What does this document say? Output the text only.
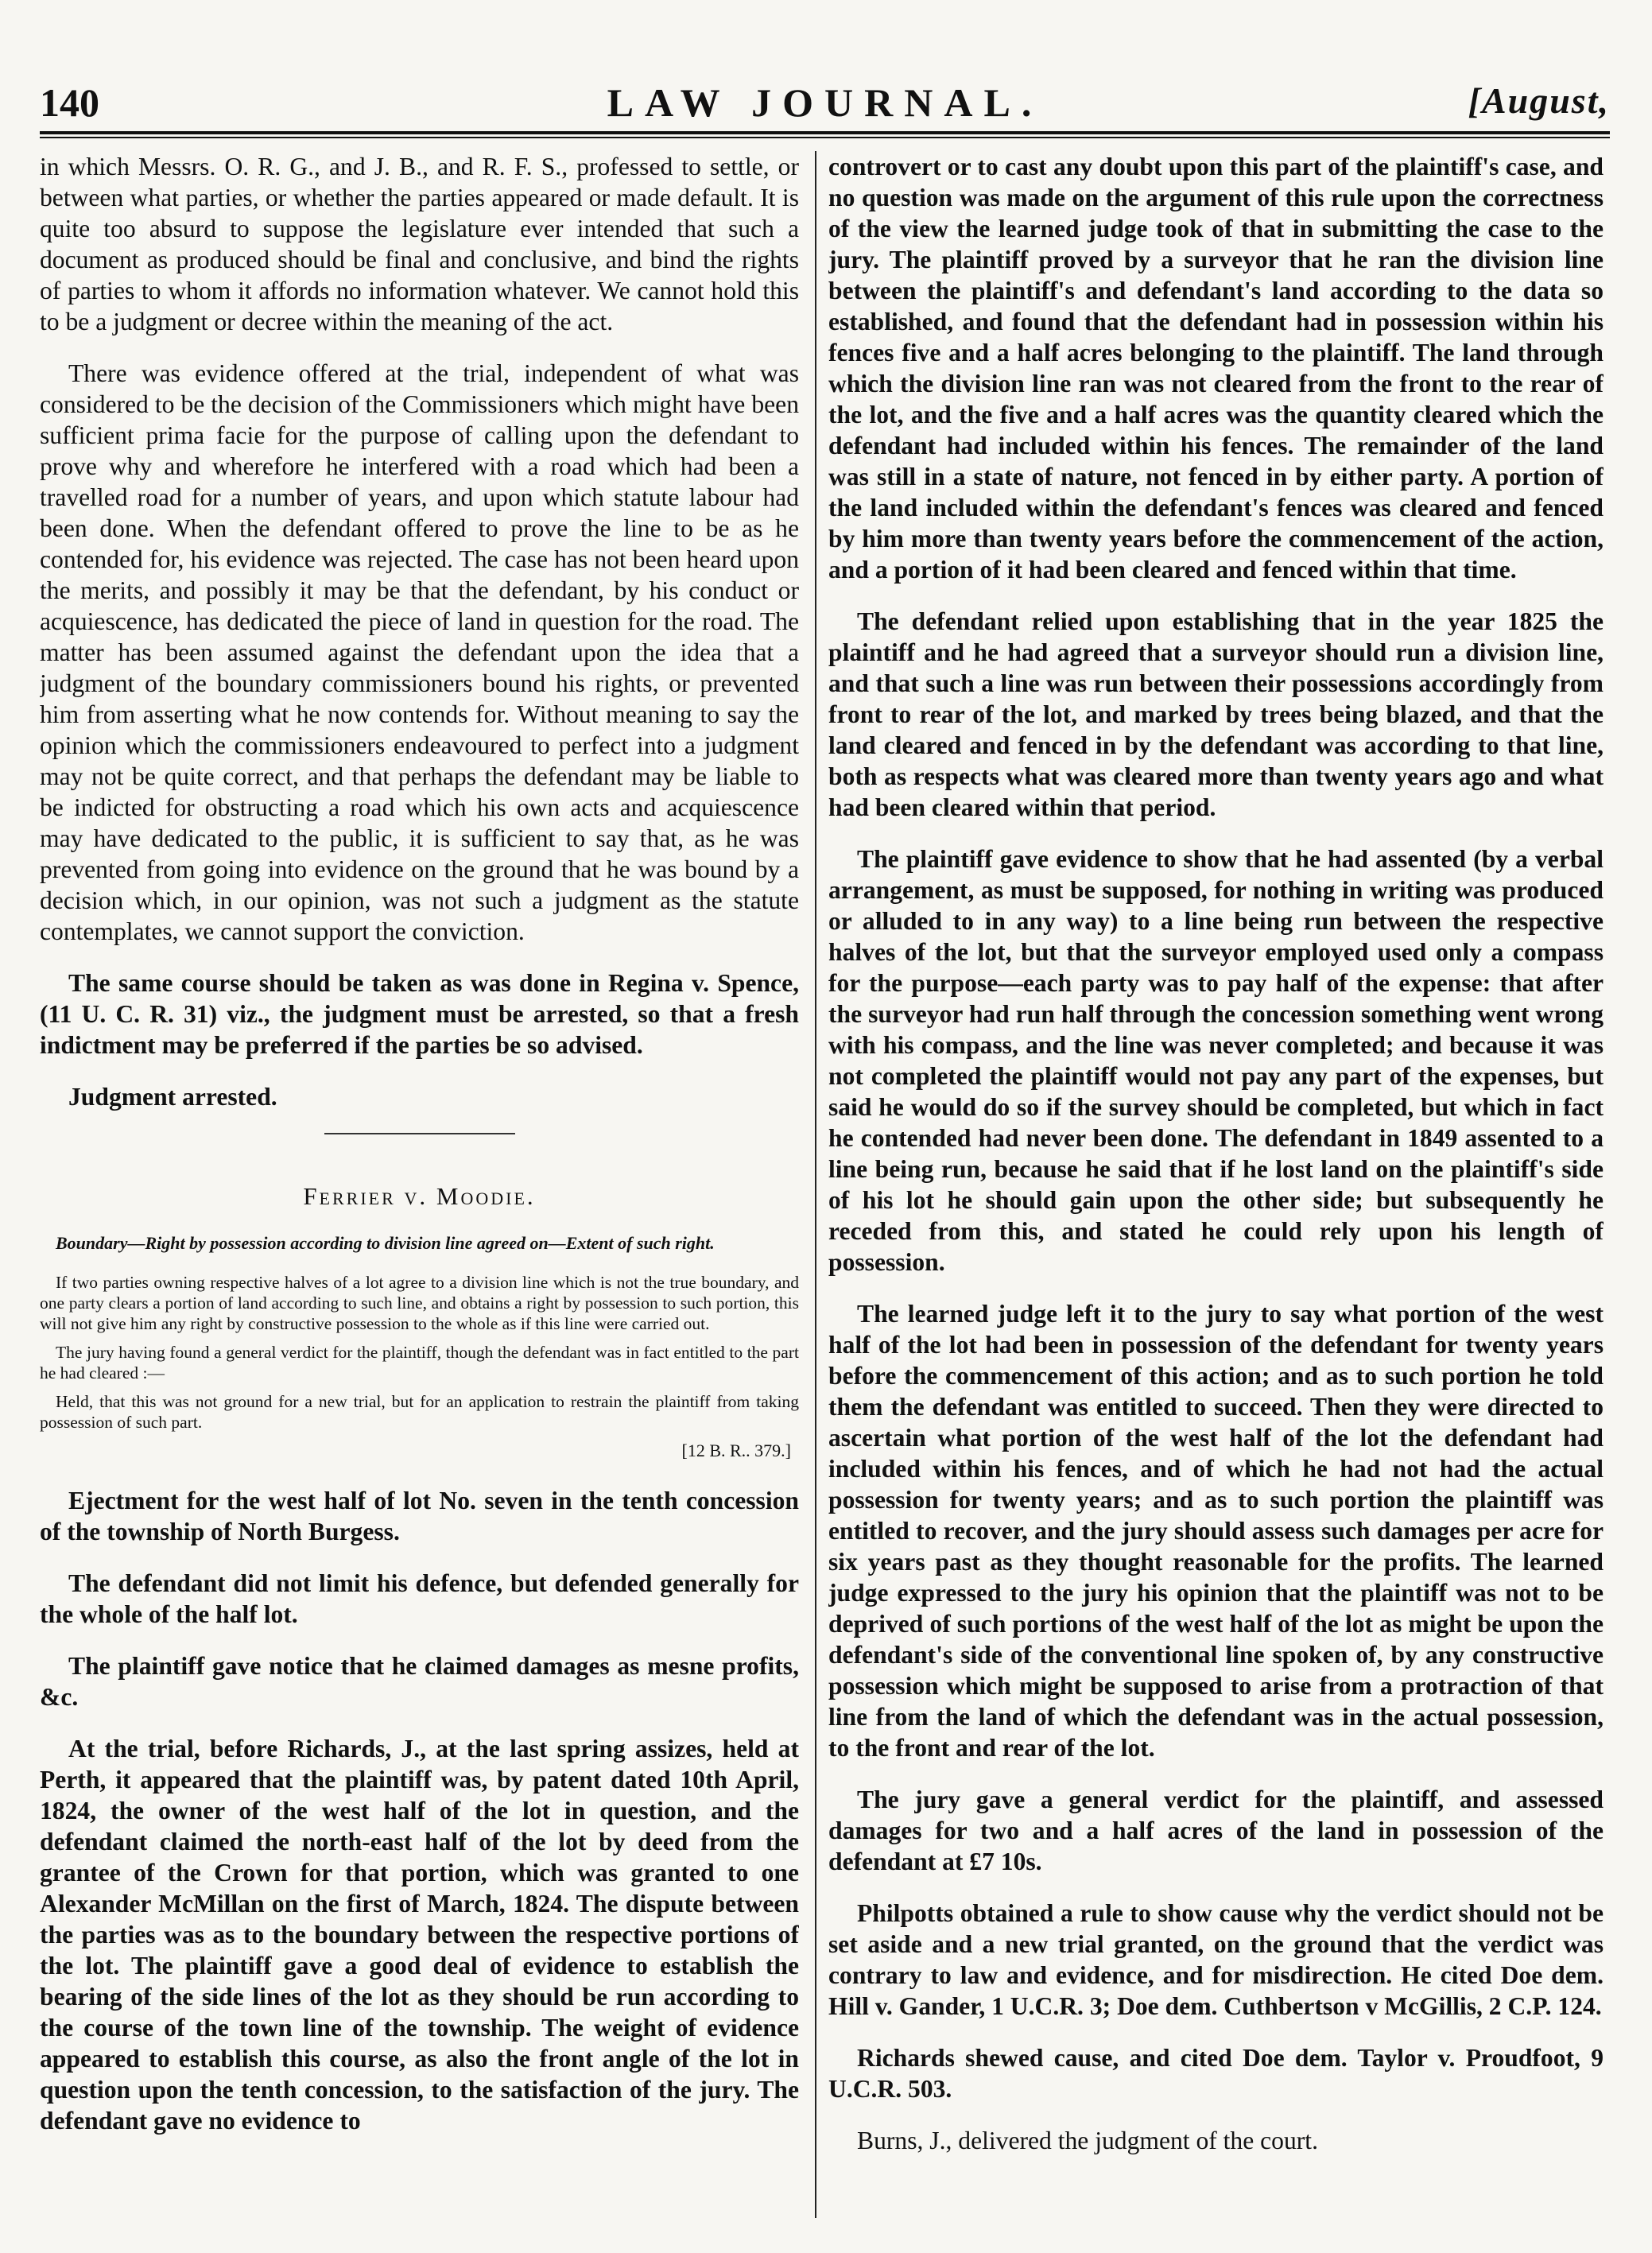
140	LAW JOURNAL.	[August,

in which Messrs. O. R. G., and J. B., and R. F. S., professed to settle, or between what parties, or whether the parties appeared or made default. It is quite too absurd to suppose the legislature ever intended that such a document as produced should be final and conclusive, and bind the rights of parties to whom it affords no information whatever. We cannot hold this to be a judgment or decree within the meaning of the act.

There was evidence offered at the trial, independent of what was considered to be the decision of the Commissioners which might have been sufficient prima facie for the purpose of calling upon the defendant to prove why and wherefore he interfered with a road which had been a travelled road for a number of years, and upon which statute labour had been done. When the defendant offered to prove the line to be as he contended for, his evidence was rejected. The case has not been heard upon the merits, and possibly it may be that the defendant, by his conduct or acquiescence, has dedicated the piece of land in question for the road. The matter has been assumed against the defendant upon the idea that a judgment of the boundary commissioners bound his rights, or prevented him from asserting what he now contends for. Without meaning to say the opinion which the commissioners endeavoured to perfect into a judgment may not be quite correct, and that perhaps the defendant may be liable to be indicted for obstructing a road which his own acts and acquiescence may have dedicated to the public, it is sufficient to say that, as he was prevented from going into evidence on the ground that he was bound by a decision which, in our opinion, was not such a judgment as the statute contemplates, we cannot support the conviction.

The same course should be taken as was done in Regina v. Spence, (11 U. C. R. 31) viz., the judgment must be arrested, so that a fresh indictment may be preferred if the parties be so advised.

Judgment arrested.

Ferrier v. Moodie.
Boundary—Right by possession according to division line agreed on—Extent of such right.
If two parties owning respective halves of a lot agree to a division line which is not the true boundary, and one party clears a portion of land according to such line, and obtains a right by possession to such portion, this will not give him any right by constructive possession to the whole as if this line were carried out.
The jury having found a general verdict for the plaintiff, though the defendant was in fact entitled to the part he had cleared :—
Held, that this was not ground for a new trial, but for an application to restrain the plaintiff from taking possession of such part.
[12 B. R.. 379.]

Ejectment for the west half of lot No. seven in the tenth concession of the township of North Burgess.

The defendant did not limit his defence, but defended generally for the whole of the half lot.

The plaintiff gave notice that he claimed damages as mesne profits, &c.

At the trial, before Richards, J., at the last spring assizes, held at Perth, it appeared that the plaintiff was, by patent dated 10th April, 1824, the owner of the west half of the lot in question, and the defendant claimed the north-east half of the lot by deed from the grantee of the Crown for that portion, which was granted to one Alexander McMillan on the first of March, 1824. The dispute between the parties was as to the boundary between the respective portions of the lot. The plaintiff gave a good deal of evidence to establish the bearing of the side lines of the lot as they should be run according to the course of the town line of the township. The weight of evidence appeared to establish this course, as also the front angle of the lot in question upon the tenth concession, to the satisfaction of the jury. The defendant gave no evidence to

controvert or to cast any doubt upon this part of the plaintiff's case, and no question was made on the argument of this rule upon the correctness of the view the learned judge took of that in submitting the case to the jury. The plaintiff proved by a surveyor that he ran the division line between the plaintiff's and defendant's land according to the data so established, and found that the defendant had in possession within his fences five and a half acres belonging to the plaintiff. The land through which the division line ran was not cleared from the front to the rear of the lot, and the five and a half acres was the quantity cleared which the defendant had included within his fences. The remainder of the land was still in a state of nature, not fenced in by either party. A portion of the land included within the defendant's fences was cleared and fenced by him more than twenty years before the commencement of the action, and a portion of it had been cleared and fenced within that time.

The defendant relied upon establishing that in the year 1825 the plaintiff and he had agreed that a surveyor should run a division line, and that such a line was run between their possessions accordingly from front to rear of the lot, and marked by trees being blazed, and that the land cleared and fenced in by the defendant was according to that line, both as respects what was cleared more than twenty years ago and what had been cleared within that period.

The plaintiff gave evidence to show that he had assented (by a verbal arrangement, as must be supposed, for nothing in writing was produced or alluded to in any way) to a line being run between the respective halves of the lot, but that the surveyor employed used only a compass for the purpose—each party was to pay half of the expense: that after the surveyor had run half through the concession something went wrong with his compass, and the line was never completed; and because it was not completed the plaintiff would not pay any part of the expenses, but said he would do so if the survey should be completed, but which in fact he contended had never been done. The defendant in 1849 assented to a line being run, because he said that if he lost land on the plaintiff's side of his lot he should gain upon the other side; but subsequently he receded from this, and stated he could rely upon his length of possession.

The learned judge left it to the jury to say what portion of the west half of the lot had been in possession of the defendant for twenty years before the commencement of this action; and as to such portion he told them the defendant was entitled to succeed. Then they were directed to ascertain what portion of the west half of the lot the defendant had included within his fences, and of which he had not had the actual possession for twenty years; and as to such portion the plaintiff was entitled to recover, and the jury should assess such damages per acre for six years past as they thought reasonable for the profits. The learned judge expressed to the jury his opinion that the plaintiff was not to be deprived of such portions of the west half of the lot as might be upon the defendant's side of the conventional line spoken of, by any constructive possession which might be supposed to arise from a protraction of that line from the land of which the defendant was in the actual possession, to the front and rear of the lot.

The jury gave a general verdict for the plaintiff, and assessed damages for two and a half acres of the land in possession of the defendant at £7 10s.

Philpotts obtained a rule to show cause why the verdict should not be set aside and a new trial granted, on the ground that the verdict was contrary to law and evidence, and for misdirection. He cited Doe dem. Hill v. Gander, 1 U.C.R. 3; Doe dem. Cuthbertson v McGillis, 2 C.P. 124.

Richards shewed cause, and cited Doe dem. Taylor v. Proudfoot, 9 U.C.R. 503.

Burns, J., delivered the judgment of the court.
